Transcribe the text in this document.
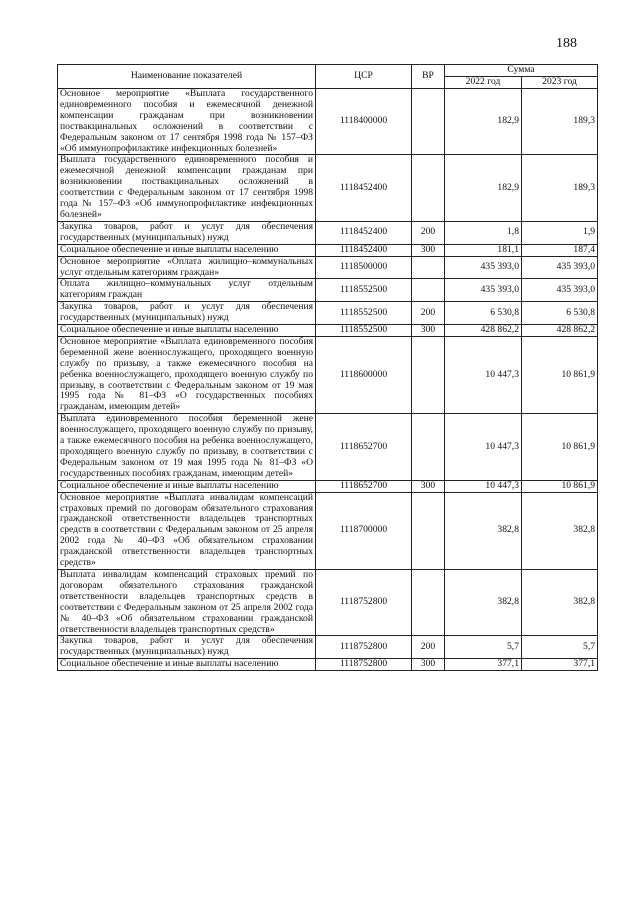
188
Наименование показателей	ЦСР	ВР	Сумма	
			2022 год	2023 год
Основное мероприятие «Выплата государственного единовременного пособия и ежемесячной денежной компенсации гражданам при возникновении поствакцинальных осложнений в соответствии с Федеральным законом от 17 сентября 1998 года № 157–ФЗ «Об иммунопрофилактике инфекционных болезней»	1118400000		182,9	189,3
Выплата государственного единовременного пособия и ежемесячной денежной компенсации гражданам при возникновении поствакцинальных осложнений в соответствии с Федеральным законом от 17 сентября 1998 года № 157–ФЗ «Об иммунопрофилактике инфекционных болезней»	1118452400		182,9	189,3
Закупка товаров, работ и услуг для обеспечения государственных (муниципальных) нужд	1118452400	200	1,8	1,9
Социальное обеспечение и иные выплаты населению	1118452400	300	181,1	187,4
Основное мероприятие «Оплата жилищно–коммунальных услуг отдельным категориям граждан»	1118500000		435 393,0	435 393,0
Оплата жилищно–коммунальных услуг отдельным категориям граждан	1118552500		435 393,0	435 393,0
Закупка товаров, работ и услуг для обеспечения государственных (муниципальных) нужд	1118552500	200	6 530,8	6 530,8
Социальное обеспечение и иные выплаты населению	1118552500	300	428 862,2	428 862,2
Основное мероприятие «Выплата единовременного пособия беременной жене военнослужащего, проходящего военную службу по призыву, а также ежемесячного пособия на ребенка военнослужащего, проходящего военную службу по призыву, в соответствии с Федеральным законом от 19 мая 1995 года № 81–ФЗ «О государственных пособиях гражданам, имеющим детей»	1118600000		10 447,3	10 861,9
Выплата единовременного пособия беременной жене военнослужащего, проходящего военную службу по призыву, а также ежемесячного пособия на ребенка военнослужащего, проходящего военную службу по призыву, в соответствии с Федеральным законом от 19 мая 1995 года № 81–ФЗ «О государственных пособиях гражданам, имеющим детей»	1118652700		10 447,3	10 861,9
Социальное обеспечение и иные выплаты населению	1118652700	300	10 447,3	10 861,9
Основное мероприятие «Выплата инвалидам компенсаций страховых премий по договорам обязательного страхования гражданской ответственности владельцев транспортных средств в соответствии с Федеральным законом от 25 апреля 2002 года № 40–ФЗ «Об обязательном страховании гражданской ответственности владельцев транспортных средств»	1118700000		382,8	382,8
Выплата инвалидам компенсаций страховых премий по договорам обязательного страхования гражданской ответственности владельцев транспортных средств в соответствии с Федеральным законом от 25 апреля 2002 года № 40–ФЗ «Об обязательном страховании гражданской ответственности владельцев транспортных средств»	1118752800		382,8	382,8
Закупка товаров, работ и услуг для обеспечения государственных (муниципальных) нужд	1118752800	200	5,7	5,7
Социальное обеспечение и иные выплаты населению	1118752800	300	377,1	377,1
